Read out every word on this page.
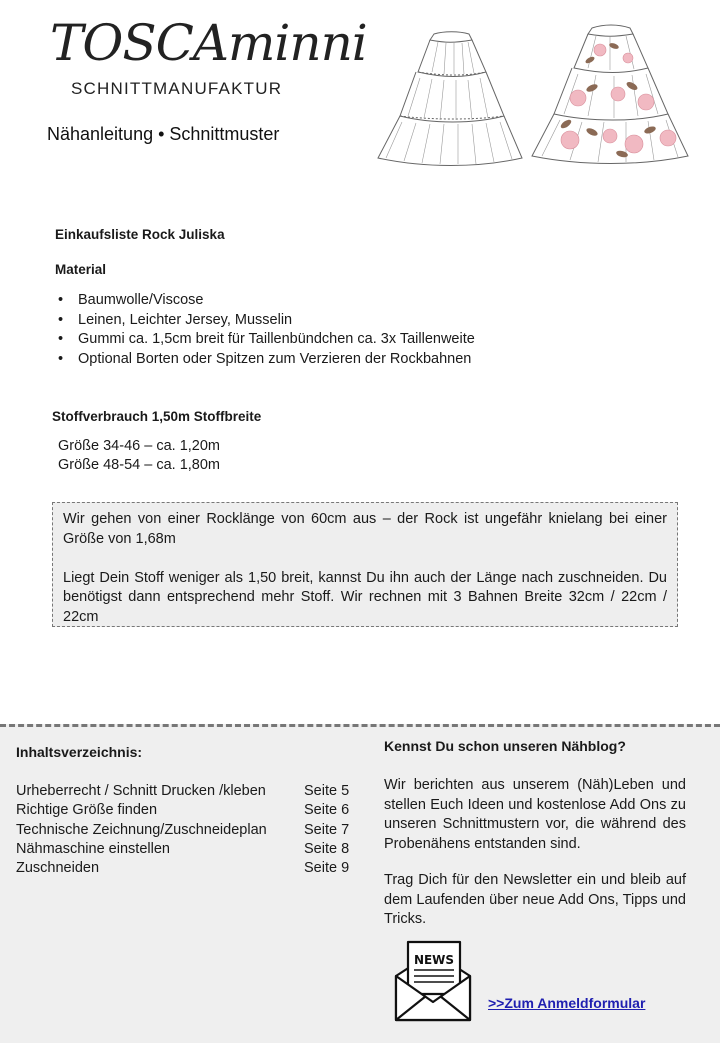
TOSCAminni
SCHNITTMANUFAKTUR
Nähanleitung • Schnittmuster
Einkaufsliste Rock Juliska
Material
• Baumwolle/Viscose
• Leinen, Leichter Jersey, Musselin
• Gummi ca. 1,5cm breit für Taillenbündchen ca. 3x Taillenweite
• Optional Borten oder Spitzen zum Verzieren der Rockbahnen
Stoffverbrauch 1,50m Stoffbreite
Größe 34-46 – ca. 1,20m
Größe 48-54 – ca. 1,80m

Wir gehen von einer Rocklänge von 60cm aus – der Rock ist ungefähr knielang bei einer Größe von 1,68m

Liegt Dein Stoff weniger als 1,50 breit, kannst Du ihn auch der Länge nach zuschneiden. Du benötigst dann entsprechend mehr Stoff. Wir rechnen mit 3 Bahnen Breite 32cm / 22cm / 22cm

Inhaltsverzeichnis:
Urheberrecht / Schnitt Drucken /kleben	Seite 5
Richtige Größe finden	Seite 6
Technische Zeichnung/Zuschneideplan	Seite 7
Nähmaschine einstellen	Seite 8
Zuschneiden	Seite 9
Kennst Du schon unseren Nähblog?

Wir berichten aus unserem (Näh)Leben und stellen Euch Ideen und kostenlose Add Ons zu unseren Schnittmustern vor, die während des Probenähens entstanden sind.

Trag Dich für den Newsletter ein und bleib auf dem Laufenden über neue Add Ons, Tipps und Tricks.

NEWS
>>Zum Anmeldformular
